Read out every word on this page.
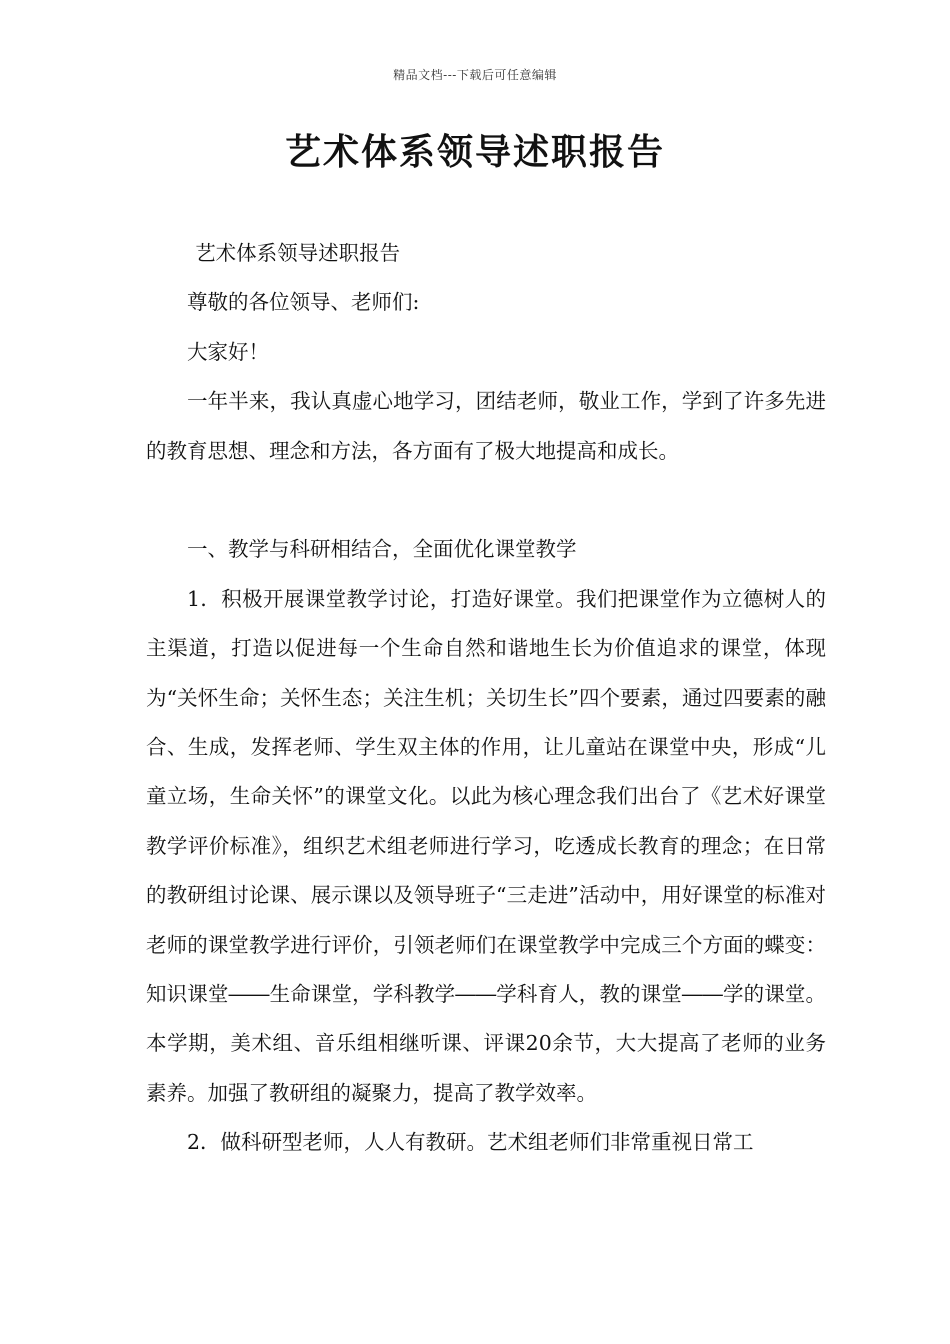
精品文档---下载后可任意编辑
艺术体系领导述职报告

艺术体系领导述职报告

尊敬的各位领导、老师们:

大家好！

一年半来，我认真虚心地学习，团结老师，敬业工作，学到了许多先进的教育思想、理念和方法，各方面有了极大地提高和成长。

一、教学与科研相结合，全面优化课堂教学

1．积极开展课堂教学讨论，打造好课堂。我们把课堂作为立德树人的主渠道，打造以促进每一个生命自然和谐地生长为价值追求的课堂，体现为“关怀生命；关怀生态；关注生机；关切生长”四个要素，通过四要素的融合、生成，发挥老师、学生双主体的作用，让儿童站在课堂中央，形成“儿童立场，生命关怀”的课堂文化。以此为核心理念我们出台了《艺术好课堂教学评价标准》，组织艺术组老师进行学习，吃透成长教育的理念；在日常的教研组讨论课、展示课以及领导班子“三走进”活动中，用好课堂的标准对老师的课堂教学进行评价，引领老师们在课堂教学中完成三个方面的蝶变：知识课堂――生命课堂，学科教学――学科育人，教的课堂――学的课堂。本学期，美术组、音乐组相继听课、评课20余节，大大提高了老师的业务素养。加强了教研组的凝聚力，提高了教学效率。

2．做科研型老师，人人有教研。艺术组老师们非常重视日常工
